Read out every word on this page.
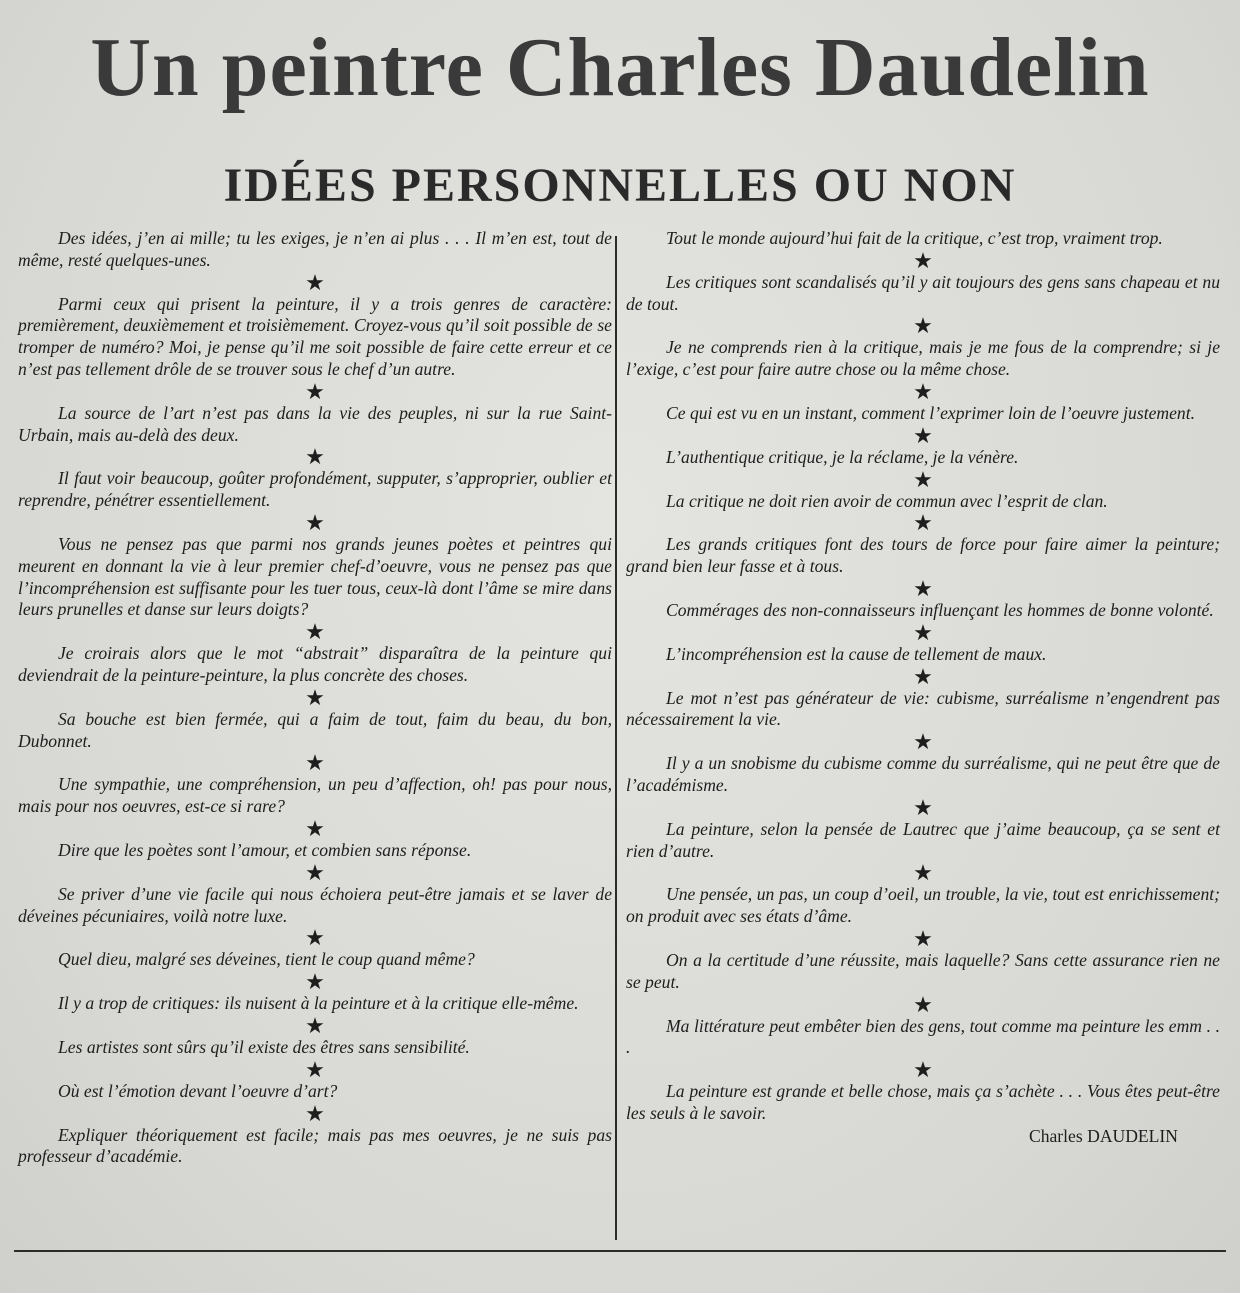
Un peintre Charles Daudelin
IDÉES PERSONNELLES OU NON

Des idées, j’en ai mille; tu les exiges, je n’en ai plus . . . Il m’en est, tout de même, resté quelques-unes.

★

Parmi ceux qui prisent la peinture, il y a trois genres de caractère: premièrement, deuxièmement et troisièmement. Croyez-vous qu’il soit possible de se tromper de numéro? Moi, je pense qu’il me soit possible de faire cette erreur et ce n’est pas tellement drôle de se trouver sous le chef d’un autre.

★

La source de l’art n’est pas dans la vie des peuples, ni sur la rue Saint-Urbain, mais au-delà des deux.

★

Il faut voir beaucoup, goûter profondément, supputer, s’approprier, oublier et reprendre, pénétrer essentiellement.

★

Vous ne pensez pas que parmi nos grands jeunes poètes et peintres qui meurent en donnant la vie à leur premier chef-d’oeuvre, vous ne pensez pas que l’incompréhension est suffisante pour les tuer tous, ceux-là dont l’âme se mire dans leurs prunelles et danse sur leurs doigts?

★

Je croirais alors que le mot “abstrait” disparaîtra de la peinture qui deviendrait de la peinture-peinture, la plus concrète des choses.

★

Sa bouche est bien fermée, qui a faim de tout, faim du beau, du bon, Dubonnet.

★

Une sympathie, une compréhension, un peu d’affection, oh! pas pour nous, mais pour nos oeuvres, est-ce si rare?

★

Dire que les poètes sont l’amour, et combien sans réponse.

★

Se priver d’une vie facile qui nous échoiera peut-être jamais et se laver de déveines pécuniaires, voilà notre luxe.

★

Quel dieu, malgré ses déveines, tient le coup quand même?

★

Il y a trop de critiques: ils nuisent à la peinture et à la critique elle-même.

★

Les artistes sont sûrs qu’il existe des êtres sans sensibilité.

★

Où est l’émotion devant l’oeuvre d’art?

★

Expliquer théoriquement est facile; mais pas mes oeuvres, je ne suis pas professeur d’académie.

Tout le monde aujourd’hui fait de la critique, c’est trop, vraiment trop.

★

Les critiques sont scandalisés qu’il y ait toujours des gens sans chapeau et nu de tout.

★

Je ne comprends rien à la critique, mais je me fous de la comprendre; si je l’exige, c’est pour faire autre chose ou la même chose.

★

Ce qui est vu en un instant, comment l’exprimer loin de l’oeuvre justement.

★

L’authentique critique, je la réclame, je la vénère.

★

La critique ne doit rien avoir de commun avec l’esprit de clan.

★

Les grands critiques font des tours de force pour faire aimer la peinture; grand bien leur fasse et à tous.

★

Commérages des non-connaisseurs influençant les hommes de bonne volonté.

★

L’incompréhension est la cause de tellement de maux.

★

Le mot n’est pas générateur de vie: cubisme, surréalisme n’engendrent pas nécessairement la vie.

★

Il y a un snobisme du cubisme comme du surréalisme, qui ne peut être que de l’académisme.

★

La peinture, selon la pensée de Lautrec que j’aime beaucoup, ça se sent et rien d’autre.

★

Une pensée, un pas, un coup d’oeil, un trouble, la vie, tout est enrichissement; on produit avec ses états d’âme.

★

On a la certitude d’une réussite, mais laquelle? Sans cette assurance rien ne se peut.

★

Ma littérature peut embêter bien des gens, tout comme ma peinture les emm . . .

★

La peinture est grande et belle chose, mais ça s’achète . . . Vous êtes peut-être les seuls à le savoir.

Charles DAUDELIN
